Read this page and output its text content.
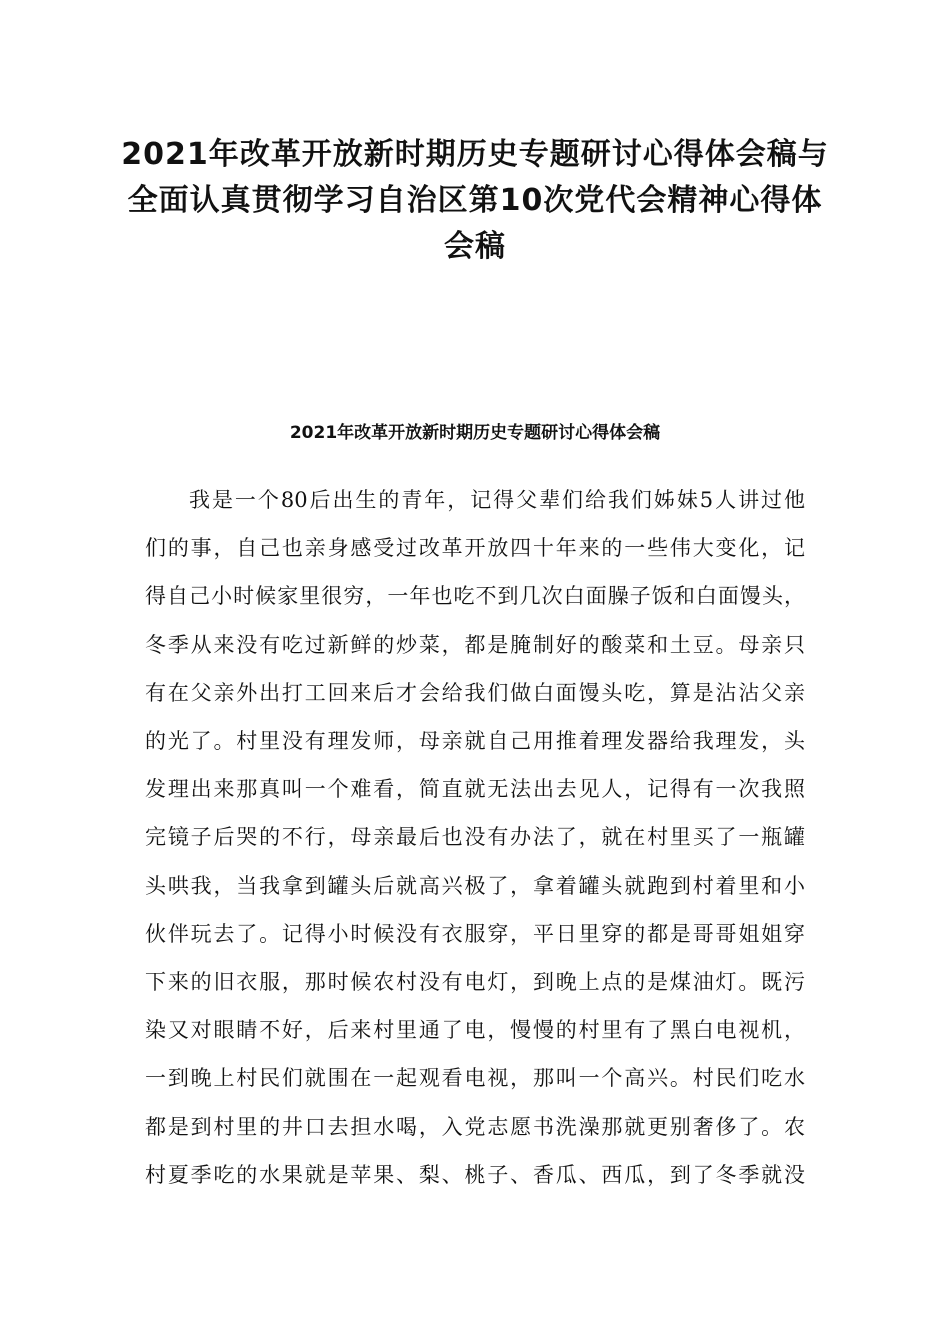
2021年改革开放新时期历史专题研讨心得体会稿与
全面认真贯彻学习自治区第10次党代会精神心得体
会稿
2021年改革开放新时期历史专题研讨心得体会稿
我是一个80后出生的青年，记得父辈们给我们姊妹5人讲过他
们的事，自己也亲身感受过改革开放四十年来的一些伟大变化，记
得自己小时候家里很穷，一年也吃不到几次白面臊子饭和白面馒头，
冬季从来没有吃过新鲜的炒菜，都是腌制好的酸菜和土豆。母亲只
有在父亲外出打工回来后才会给我们做白面馒头吃，算是沾沾父亲
的光了。村里没有理发师，母亲就自己用推着理发器给我理发，头
发理出来那真叫一个难看，简直就无法出去见人，记得有一次我照
完镜子后哭的不行，母亲最后也没有办法了，就在村里买了一瓶罐
头哄我，当我拿到罐头后就高兴极了，拿着罐头就跑到村着里和小
伙伴玩去了。记得小时候没有衣服穿，平日里穿的都是哥哥姐姐穿
下来的旧衣服，那时候农村没有电灯，到晚上点的是煤油灯。既污
染又对眼睛不好，后来村里通了电，慢慢的村里有了黑白电视机，
一到晚上村民们就围在一起观看电视，那叫一个高兴。村民们吃水
都是到村里的井口去担水喝，入党志愿书洗澡那就更别奢侈了。农
村夏季吃的水果就是苹果、梨、桃子、香瓜、西瓜，到了冬季就没
